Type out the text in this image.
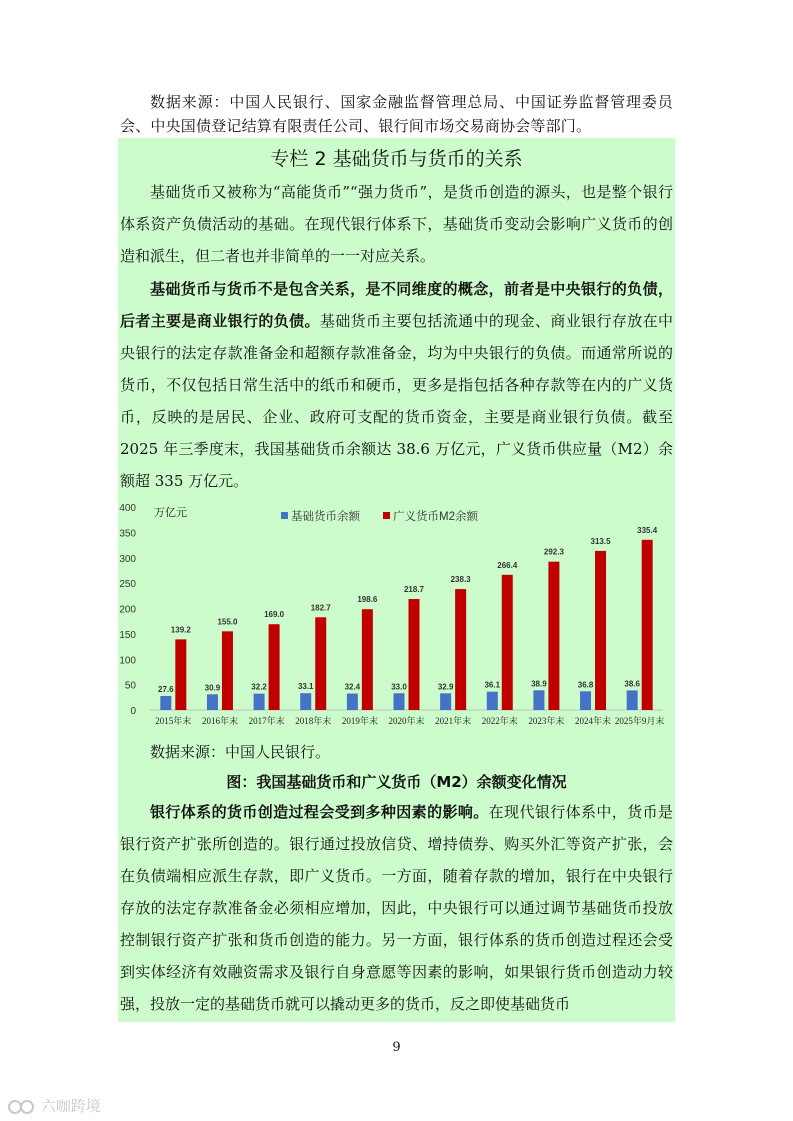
数据来源：中国人民银行、国家金融监督管理总局、中国证券监督管理委员会、中央国债登记结算有限责任公司、银行间市场交易商协会等部门。

专栏 2 基础货币与货币的关系

基础货币又被称为“高能货币”“强力货币”，是货币创造的源头，也是整个银行体系资产负债活动的基础。在现代银行体系下，基础货币变动会影响广义货币的创造和派生，但二者也并非简单的一一对应关系。

基础货币与货币不是包含关系，是不同维度的概念，前者是中央银行的负债，后者主要是商业银行的负债。基础货币主要包括流通中的现金、商业银行存放在中央银行的法定存款准备金和超额存款准备金，均为中央银行的负债。而通常所说的货币，不仅包括日常生活中的纸币和硬币，更多是指包括各种存款等在内的广义货币，反映的是居民、企业、政府可支配的货币资金，主要是商业银行负债。截至 2025 年三季度末，我国基础货币余额达 38.6 万亿元，广义货币供应量（M2）余额超 335 万亿元。

0
50
100
150
200
250
300
350
400 万亿元	基础货币余额	广义货币M2余额
27.6
139.2
2015年末
30.9
155.0
2016年末
32.2
169.0
2017年末
33.1
182.7
2018年末
32.4
198.6
2019年末
33.0
218.7
2020年末
32.9
238.3
2021年末
36.1
266.4
2022年末
38.9
292.3
2023年末
36.8
313.5
2024年末
38.6
335.4
2025年9月末

数据来源：中国人民银行。

图：我国基础货币和广义货币（M2）余额变化情况

银行体系的货币创造过程会受到多种因素的影响。在现代银行体系中，货币是银行资产扩张所创造的。银行通过投放信贷、增持债券、购买外汇等资产扩张，会在负债端相应派生存款，即广义货币。一方面，随着存款的增加，银行在中央银行存放的法定存款准备金必须相应增加，因此，中央银行可以通过调节基础货币投放控制银行资产扩张和货币创造的能力。另一方面，银行体系的货币创造过程还会受到实体经济有效融资需求及银行自身意愿等因素的影响，如果银行货币创造动力较强，投放一定的基础货币就可以撬动更多的货币，反之即使基础货币

9
六咖跨境
